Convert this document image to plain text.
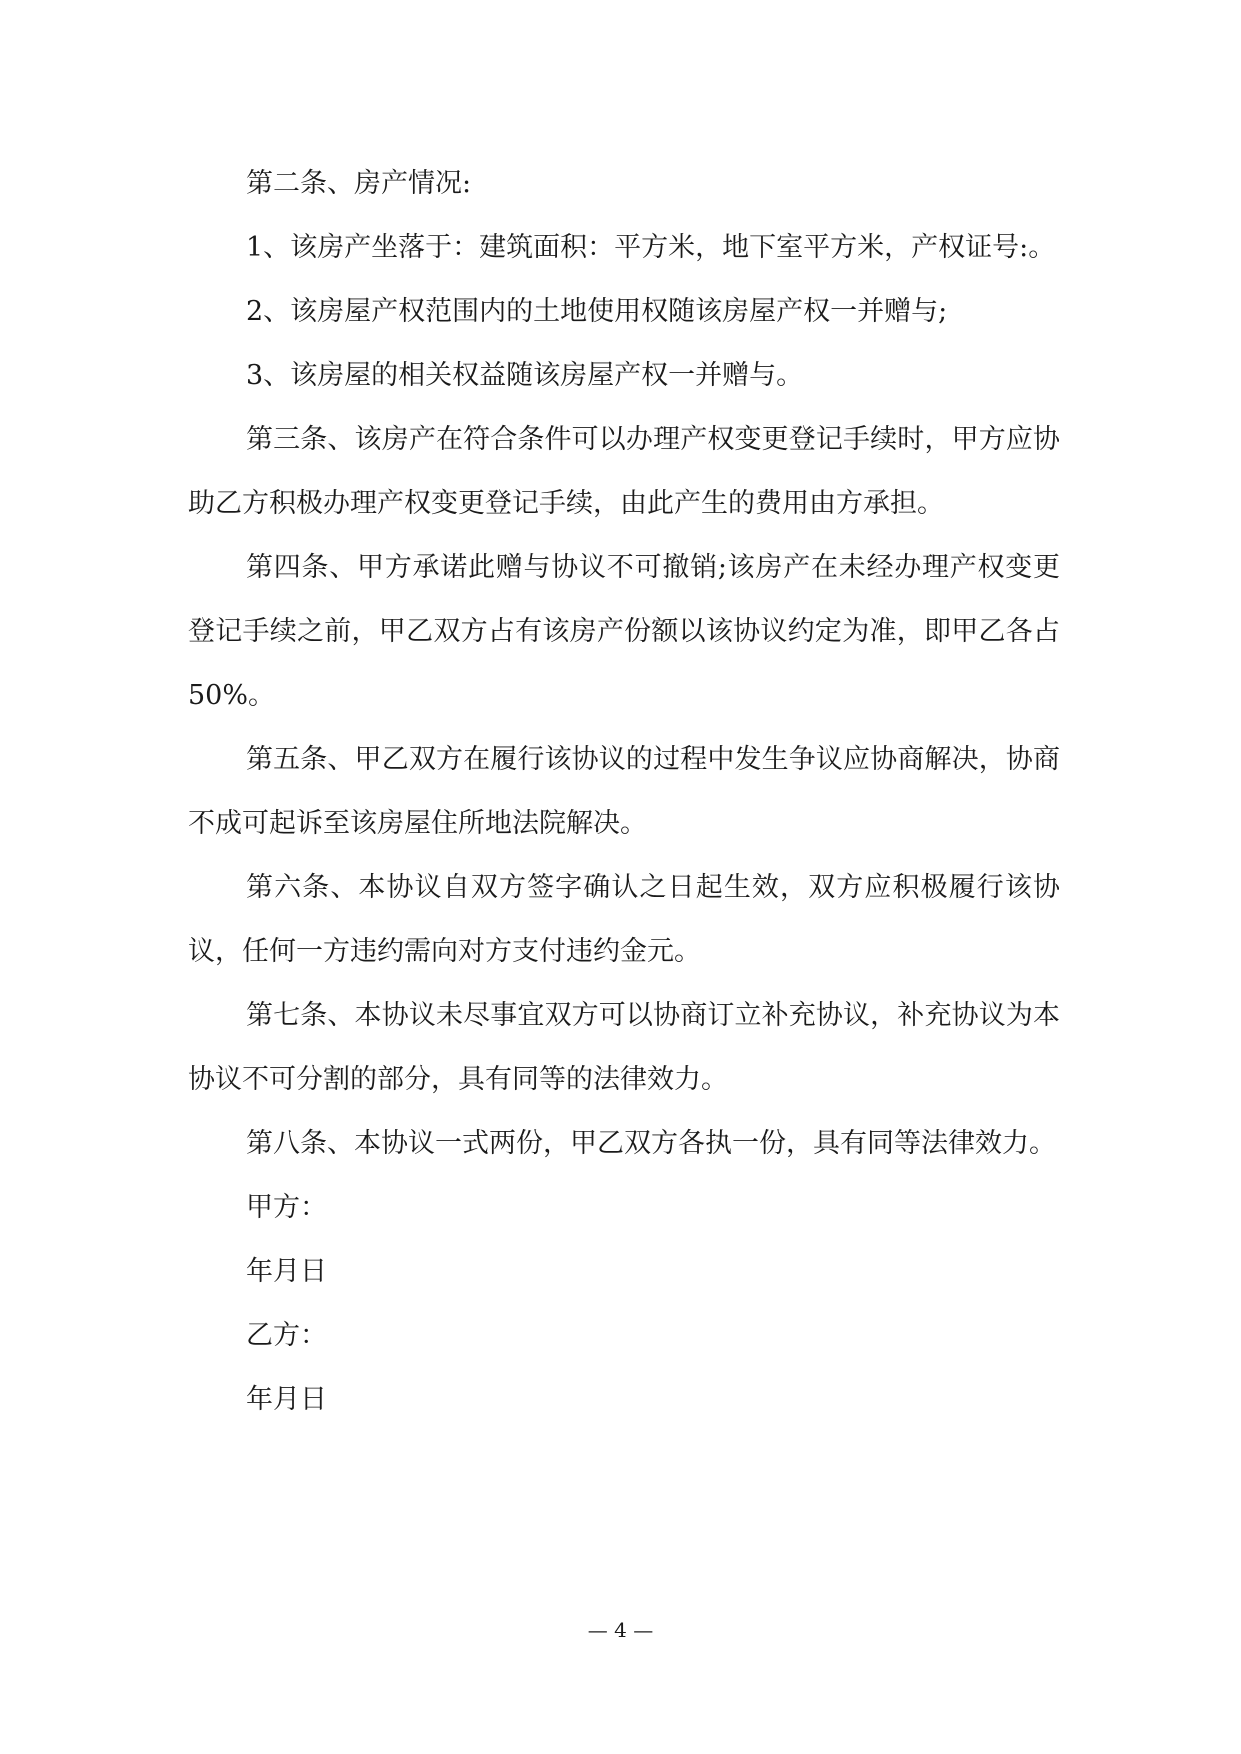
第二条、房产情况:

1、该房产坐落于：建筑面积：平方米，地下室平方米，产权证号:。

2、该房屋产权范围内的土地使用权随该房屋产权一并赠与;

3、该房屋的相关权益随该房屋产权一并赠与。

第三条、该房产在符合条件可以办理产权变更登记手续时，甲方应协助乙方积极办理产权变更登记手续，由此产生的费用由方承担。

第四条、甲方承诺此赠与协议不可撤销;该房产在未经办理产权变更登记手续之前，甲乙双方占有该房产份额以该协议约定为准，即甲乙各占50%。

第五条、甲乙双方在履行该协议的过程中发生争议应协商解决，协商不成可起诉至该房屋住所地法院解决。

第六条、本协议自双方签字确认之日起生效，双方应积极履行该协议，任何一方违约需向对方支付违约金元。

第七条、本协议未尽事宜双方可以协商订立补充协议，补充协议为本协议不可分割的部分，具有同等的法律效力。

第八条、本协议一式两份，甲乙双方各执一份，具有同等法律效力。

甲方：

年月日

乙方：

年月日

— 4 —
